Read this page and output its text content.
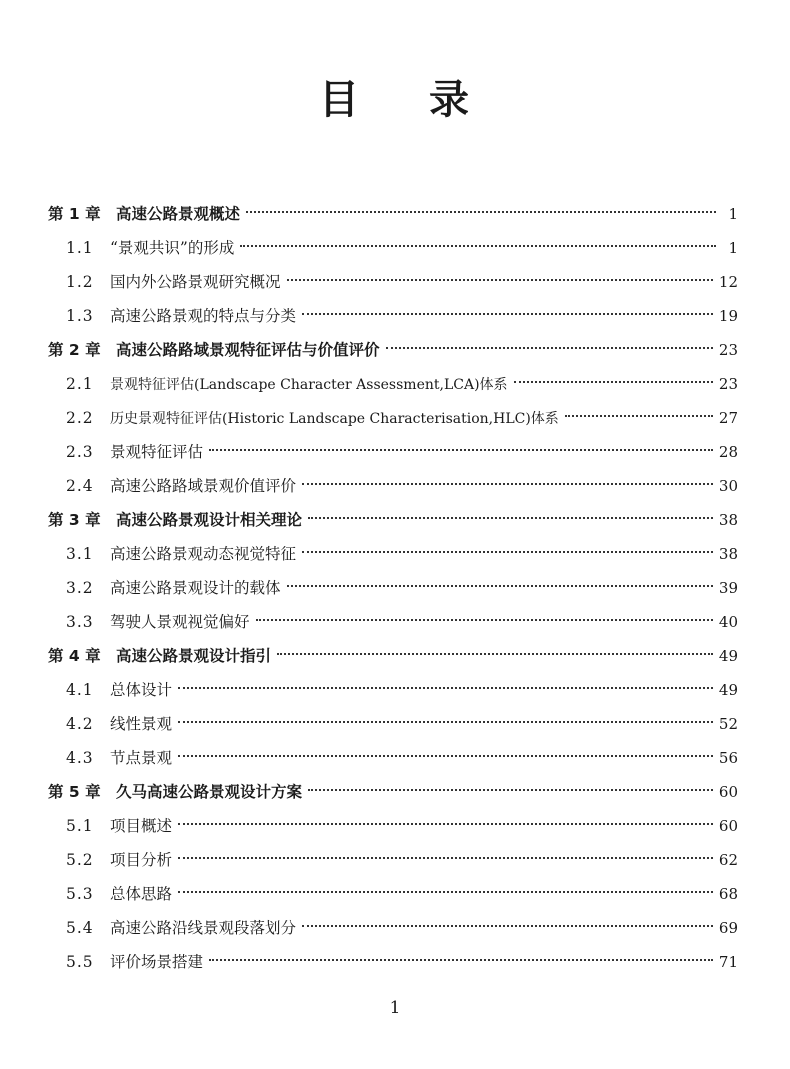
目 录
第 1 章 高速公路景观概述	1
1.1	“景观共识”的形成	1
1.2	国内外公路景观研究概况	12
1.3	高速公路景观的特点与分类	19
第 2 章 高速公路路域景观特征评估与价值评价	23
2.1	景观特征评估(Landscape Character Assessment,LCA)体系	23
2.2	历史景观特征评估(Historic Landscape Characterisation,HLC)体系	27
2.3	景观特征评估	28
2.4	高速公路路域景观价值评价	30
第 3 章 高速公路景观设计相关理论	38
3.1	高速公路景观动态视觉特征	38
3.2	高速公路景观设计的载体	39
3.3	驾驶人景观视觉偏好	40
第 4 章 高速公路景观设计指引	49
4.1	总体设计	49
4.2	线性景观	52
4.3	节点景观	56
第 5 章 久马高速公路景观设计方案	60
5.1	项目概述	60
5.2	项目分析	62
5.3	总体思路	68
5.4	高速公路沿线景观段落划分	69
5.5	评价场景搭建	71
1
